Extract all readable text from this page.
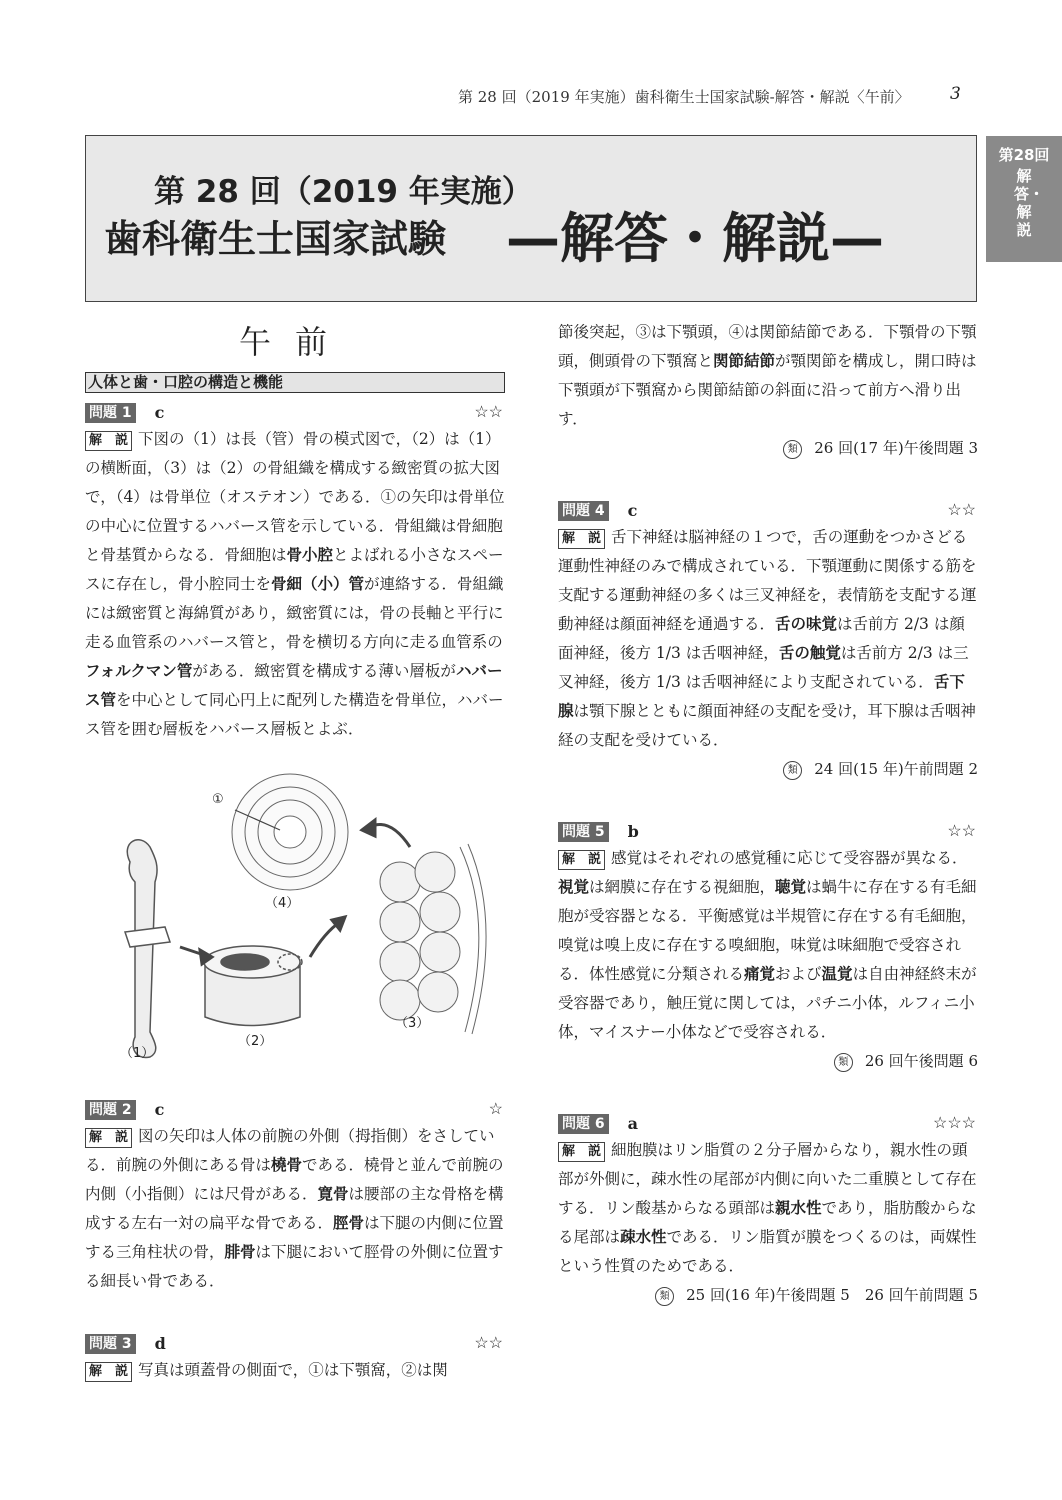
第 28 回（2019 年実施）歯科衛生士国家試験-解答・解説〈午前〉 3
第28回
解答・解説
第 28 回（2019 年実施）
歯科衛生士国家試験 —解答・解説—
午前
人体と歯・口腔の構造と機能
問題 1 c	☆☆

解　説 下図の（1）は長（管）骨の模式図で，（2）は（1）の横断面，（3）は（2）の骨組織を構成する緻密質の拡大図で，（4）は骨単位（オステオン）である．①の矢印は骨単位の中心に位置するハバース管を示している．骨組織は骨細胞と骨基質からなる．骨細胞は骨小腔とよばれる小さなスペースに存在し，骨小腔同士を骨細（小）管が連絡する．骨組織には緻密質と海綿質があり，緻密質には，骨の長軸と平行に走る血管系のハバース管と，骨を横切る方向に走る血管系のフォルクマン管がある．緻密質を構成する薄い層板がハバース管を中心として同心円上に配列した構造を骨単位，ハバース管を囲む層板をハバース層板とよぶ．

①
（4）
（1）
（2）
（3）
問題 2 c	☆

解　説 図の矢印は人体の前腕の外側（拇指側）をさしている．前腕の外側にある骨は橈骨である．橈骨と並んで前腕の内側（小指側）には尺骨がある．寛骨は腰部の主な骨格を構成する左右一対の扁平な骨である．脛骨は下腿の内側に位置する三角柱状の骨，腓骨は下腿において脛骨の外側に位置する細長い骨である．

問題 3 d	☆☆

解　説 写真は頭蓋骨の側面で，①は下顎窩，②は関

節後突起，③は下顎頭，④は関節結節である．下顎骨の下顎頭，側頭骨の下顎窩と関節結節が顎関節を構成し，開口時は下顎頭が下顎窩から関節結節の斜面に沿って前方へ滑り出す．

類 26 回(17 年)午後問題 3
問題 4 c	☆☆

解　説 舌下神経は脳神経の１つで，舌の運動をつかさどる運動性神経のみで構成されている．下顎運動に関係する筋を支配する運動神経の多くは三叉神経を，表情筋を支配する運動神経は顔面神経を通過する．舌の味覚は舌前方 2/3 は顔面神経，後方 1/3 は舌咽神経，舌の触覚は舌前方 2/3 は三叉神経，後方 1/3 は舌咽神経により支配されている．舌下腺は顎下腺とともに顔面神経の支配を受け，耳下腺は舌咽神経の支配を受けている．

類 24 回(15 年)午前問題 2
問題 5 b	☆☆

解　説 感覚はそれぞれの感覚種に応じて受容器が異なる．視覚は網膜に存在する視細胞，聴覚は蝸牛に存在する有毛細胞が受容器となる．平衡感覚は半規管に存在する有毛細胞，嗅覚は嗅上皮に存在する嗅細胞，味覚は味細胞で受容される．体性感覚に分類される痛覚および温覚は自由神経終末が受容器であり，触圧覚に関しては，パチニ小体，ルフィニ小体，マイスナー小体などで受容される．

類 26 回午後問題 6
問題 6 a	☆☆☆

解　説 細胞膜はリン脂質の２分子層からなり，親水性の頭部が外側に，疎水性の尾部が内側に向いた二重膜として存在する．リン酸基からなる頭部は親水性であり，脂肪酸からなる尾部は疎水性である．リン脂質が膜をつくるのは，両媒性という性質のためである．

類 25 回(16 年)午後問題 5　26 回午前問題 5
